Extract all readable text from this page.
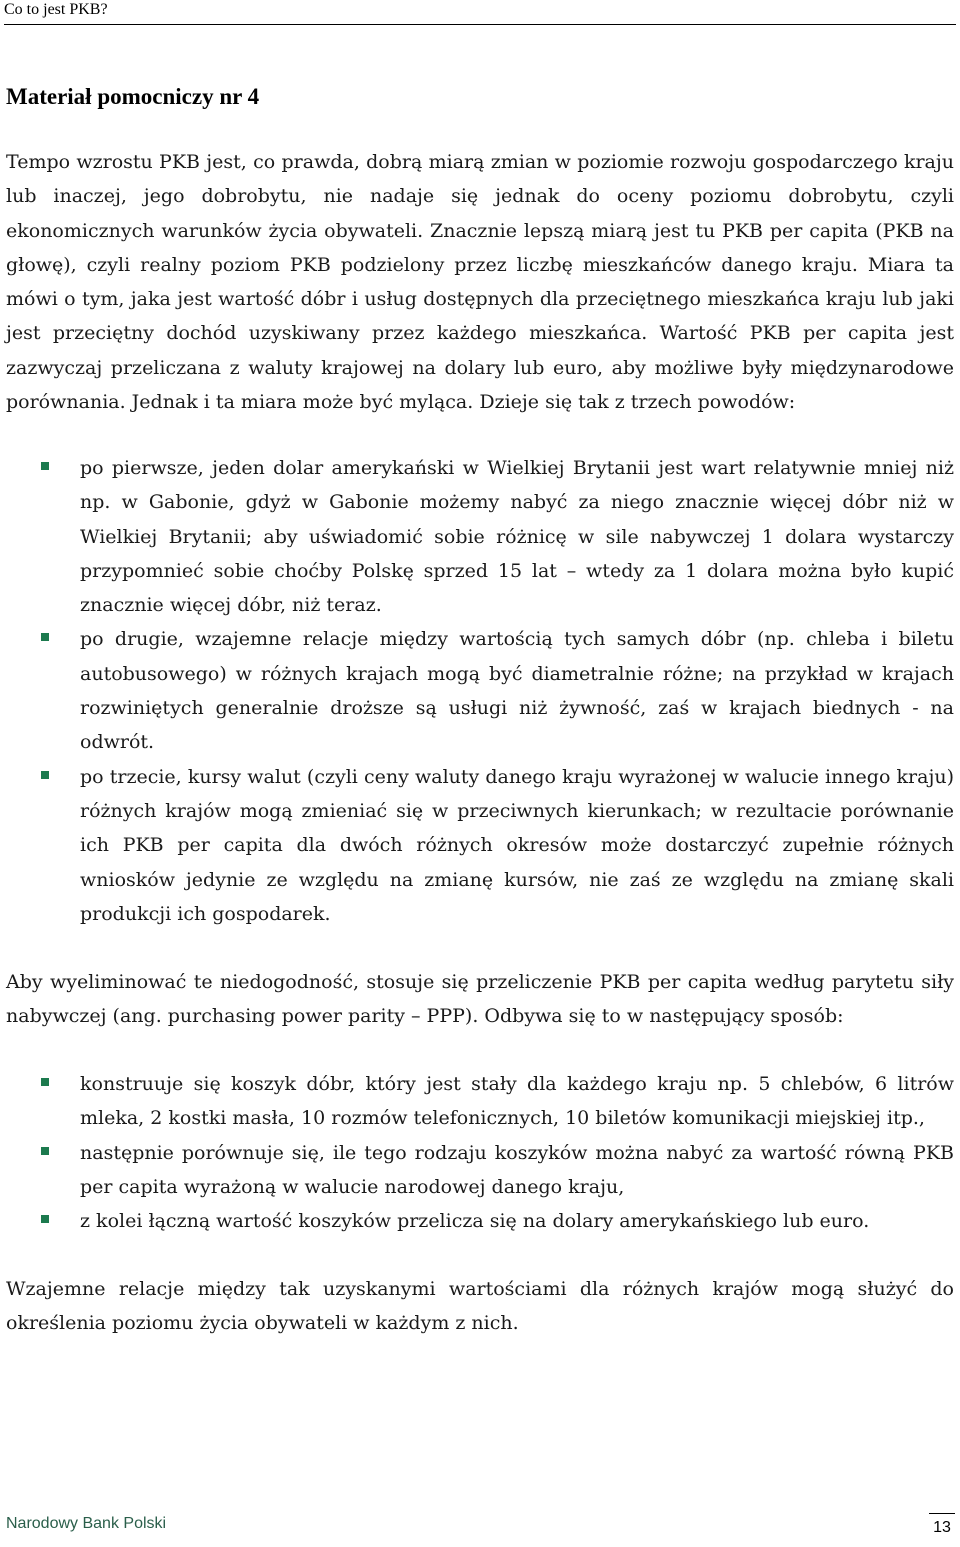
Co to jest PKB?
Materiał pomocniczy nr 4

Tempo wzrostu PKB jest, co prawda, dobrą miarą zmian w poziomie rozwoju gospodarczego kraju lub inaczej, jego dobrobytu, nie nadaje się jednak do oceny poziomu dobrobytu, czyli ekonomicznych warunków życia obywateli. Znacznie lepszą miarą jest tu PKB per capita (PKB na głowę), czyli realny poziom PKB podzielony przez liczbę mieszkańców danego kraju. Miara ta mówi o tym, jaka jest wartość dóbr i usług dostępnych dla przeciętnego mieszkańca kraju lub jaki jest przeciętny dochód uzyskiwany przez każdego mieszkańca. Wartość PKB per capita jest zazwyczaj przeliczana z waluty krajowej na dolary lub euro, aby możliwe były międzynarodowe porównania. Jednak i ta miara może być myląca. Dzieje się tak z trzech powodów:

po pierwsze, jeden dolar amerykański w Wielkiej Brytanii jest wart relatywnie mniej niż np. w Gabonie, gdyż w Gabonie możemy nabyć za niego znacznie więcej dóbr niż w Wielkiej Brytanii; aby uświadomić sobie różnicę w sile nabywczej 1 dolara wystarczy przypomnieć sobie choćby Polskę sprzed 15 lat – wtedy za 1 dolara można było kupić znacznie więcej dóbr, niż teraz.
po drugie, wzajemne relacje między wartością tych samych dóbr (np. chleba i biletu autobusowego) w różnych krajach mogą być diametralnie różne; na przykład w krajach rozwiniętych generalnie droższe są usługi niż żywność, zaś w krajach biednych - na odwrót.
po trzecie, kursy walut (czyli ceny waluty danego kraju wyrażonej w walucie innego kraju) różnych krajów mogą zmieniać się w przeciwnych kierunkach; w rezultacie porównanie ich PKB per capita dla dwóch różnych okresów może dostarczyć zupełnie różnych wniosków jedynie ze względu na zmianę kursów, nie zaś ze względu na zmianę skali produkcji ich gospodarek.

Aby wyeliminować te niedogodność, stosuje się przeliczenie PKB per capita według parytetu siły nabywczej (ang. purchasing power parity – PPP). Odbywa się to w następujący sposób:

konstruuje się koszyk dóbr, który jest stały dla każdego kraju np. 5 chlebów, 6 litrów mleka, 2 kostki masła, 10 rozmów telefonicznych, 10 biletów komunikacji miejskiej itp.,
następnie porównuje się, ile tego rodzaju koszyków można nabyć za wartość równą PKB per capita wyrażoną w walucie narodowej danego kraju,
z kolei łączną wartość koszyków przelicza się na dolary amerykańskiego lub euro.

Wzajemne relacje między tak uzyskanymi wartościami dla różnych krajów mogą służyć do określenia poziomu życia obywateli w każdym z nich.

Narodowy Bank Polski	13
